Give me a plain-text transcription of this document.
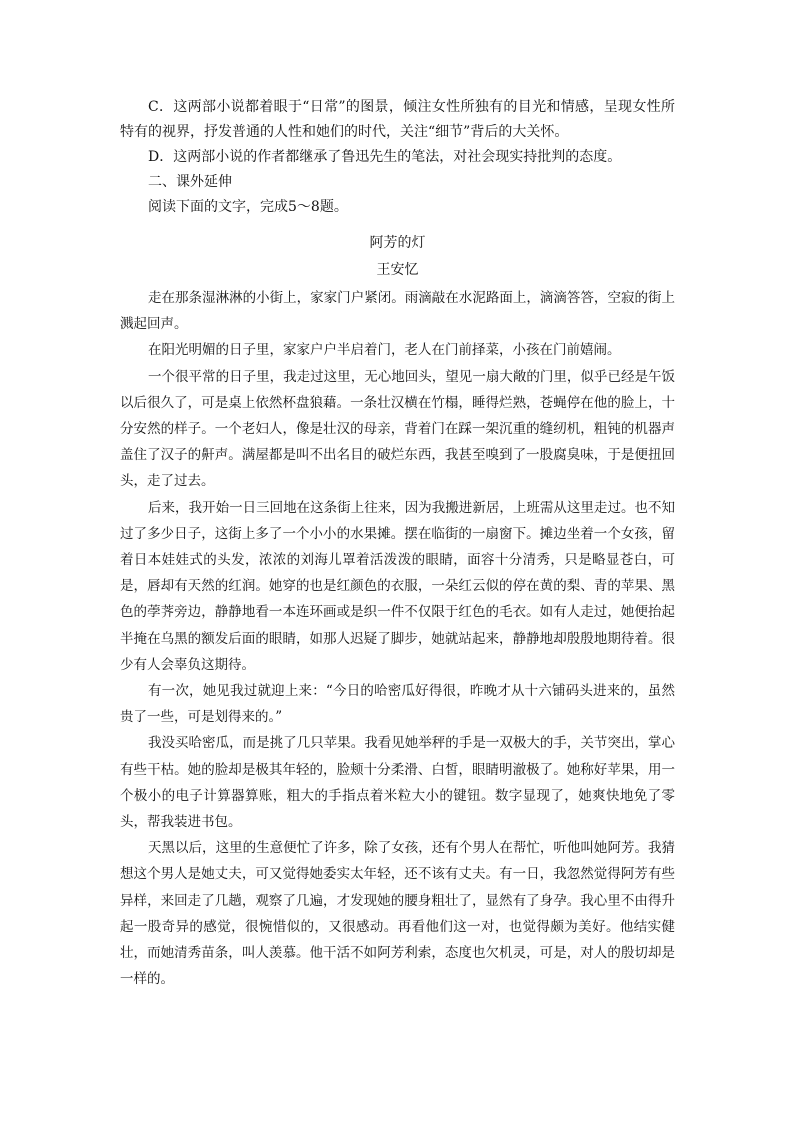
C．这两部小说都着眼于“日常”的图景，倾注女性所独有的目光和情感，呈现女性所特有的视界，抒发普通的人性和她们的时代，关注“细节”背后的大关怀。

D．这两部小说的作者都继承了鲁迅先生的笔法，对社会现实持批判的态度。

二、课外延伸

阅读下面的文字，完成5～8题。

阿芳的灯
王安忆

走在那条湿淋淋的小街上，家家门户紧闭。雨滴敲在水泥路面上，滴滴答答，空寂的街上溅起回声。

在阳光明媚的日子里，家家户户半启着门，老人在门前择菜，小孩在门前嬉闹。

一个很平常的日子里，我走过这里，无心地回头，望见一扇大敞的门里，似乎已经是午饭以后很久了，可是桌上依然杯盘狼藉。一条壮汉横在竹榻，睡得烂熟，苍蝇停在他的脸上，十分安然的样子。一个老妇人，像是壮汉的母亲，背着门在踩一架沉重的缝纫机，粗钝的机器声盖住了汉子的鼾声。满屋都是叫不出名目的破烂东西，我甚至嗅到了一股腐臭味，于是便扭回头，走了过去。

后来，我开始一日三回地在这条街上往来，因为我搬进新居，上班需从这里走过。也不知过了多少日子，这街上多了一个小小的水果摊。摆在临街的一扇窗下。摊边坐着一个女孩，留着日本娃娃式的头发，浓浓的刘海儿罩着活泼泼的眼睛，面容十分清秀，只是略显苍白，可是，唇却有天然的红润。她穿的也是红颜色的衣服，一朵红云似的停在黄的梨、青的苹果、黑色的荸荠旁边，静静地看一本连环画或是织一件不仅限于红色的毛衣。如有人走过，她便抬起半掩在乌黑的额发后面的眼睛，如那人迟疑了脚步，她就站起来，静静地却殷殷地期待着。很少有人会辜负这期待。

有一次，她见我过就迎上来：“今日的哈密瓜好得很，昨晚才从十六铺码头进来的，虽然贵了一些，可是划得来的。”

我没买哈密瓜，而是挑了几只苹果。我看见她举秤的手是一双极大的手，关节突出，掌心有些干枯。她的脸却是极其年轻的，脸颊十分柔滑、白皙，眼睛明澈极了。她称好苹果，用一个极小的电子计算器算账，粗大的手指点着米粒大小的键钮。数字显现了，她爽快地免了零头，帮我装进书包。

天黑以后，这里的生意便忙了许多，除了女孩，还有个男人在帮忙，听他叫她阿芳。我猜想这个男人是她丈夫，可又觉得她委实太年轻，还不该有丈夫。有一日，我忽然觉得阿芳有些异样，来回走了几趟，观察了几遍，才发现她的腰身粗壮了，显然有了身孕。我心里不由得升起一股奇异的感觉，很惋惜似的，又很感动。再看他们这一对，也觉得颇为美好。他结实健壮，而她清秀苗条，叫人羡慕。他干活不如阿芳利索，态度也欠机灵，可是，对人的殷切却是一样的。
